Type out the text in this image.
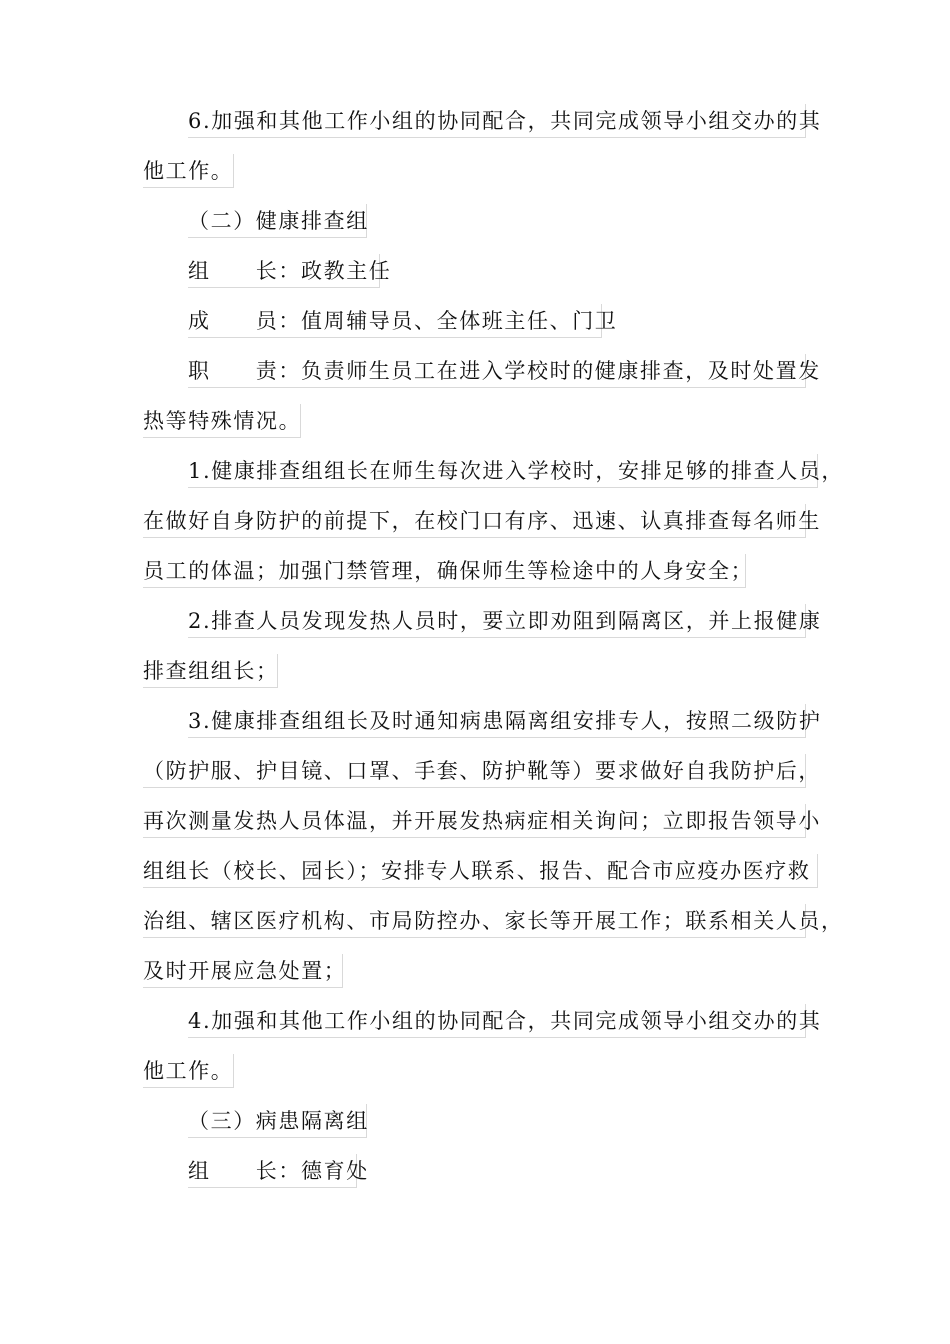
6.加强和其他工作小组的协同配合，共同完成领导小组交办的其
他工作。
（二）健康排查组
组　　长：政教主任
成　　员：值周辅导员、全体班主任、门卫
职　　责：负责师生员工在进入学校时的健康排查，及时处置发
热等特殊情况。
1.健康排查组组长在师生每次进入学校时，安排足够的排查人员，
在做好自身防护的前提下，在校门口有序、迅速、认真排查每名师生
员工的体温；加强门禁管理，确保师生等检途中的人身安全；
2.排查人员发现发热人员时，要立即劝阻到隔离区，并上报健康
排查组组长；
3.健康排查组组长及时通知病患隔离组安排专人，按照二级防护
（防护服、护目镜、口罩、手套、防护靴等）要求做好自我防护后，
再次测量发热人员体温，并开展发热病症相关询问；立即报告领导小
组组长（校长、园长）；安排专人联系、报告、配合市应疫办医疗救
治组、辖区医疗机构、市局防控办、家长等开展工作；联系相关人员，
及时开展应急处置；
4.加强和其他工作小组的协同配合，共同完成领导小组交办的其
他工作。
（三）病患隔离组
组　　长：德育处
